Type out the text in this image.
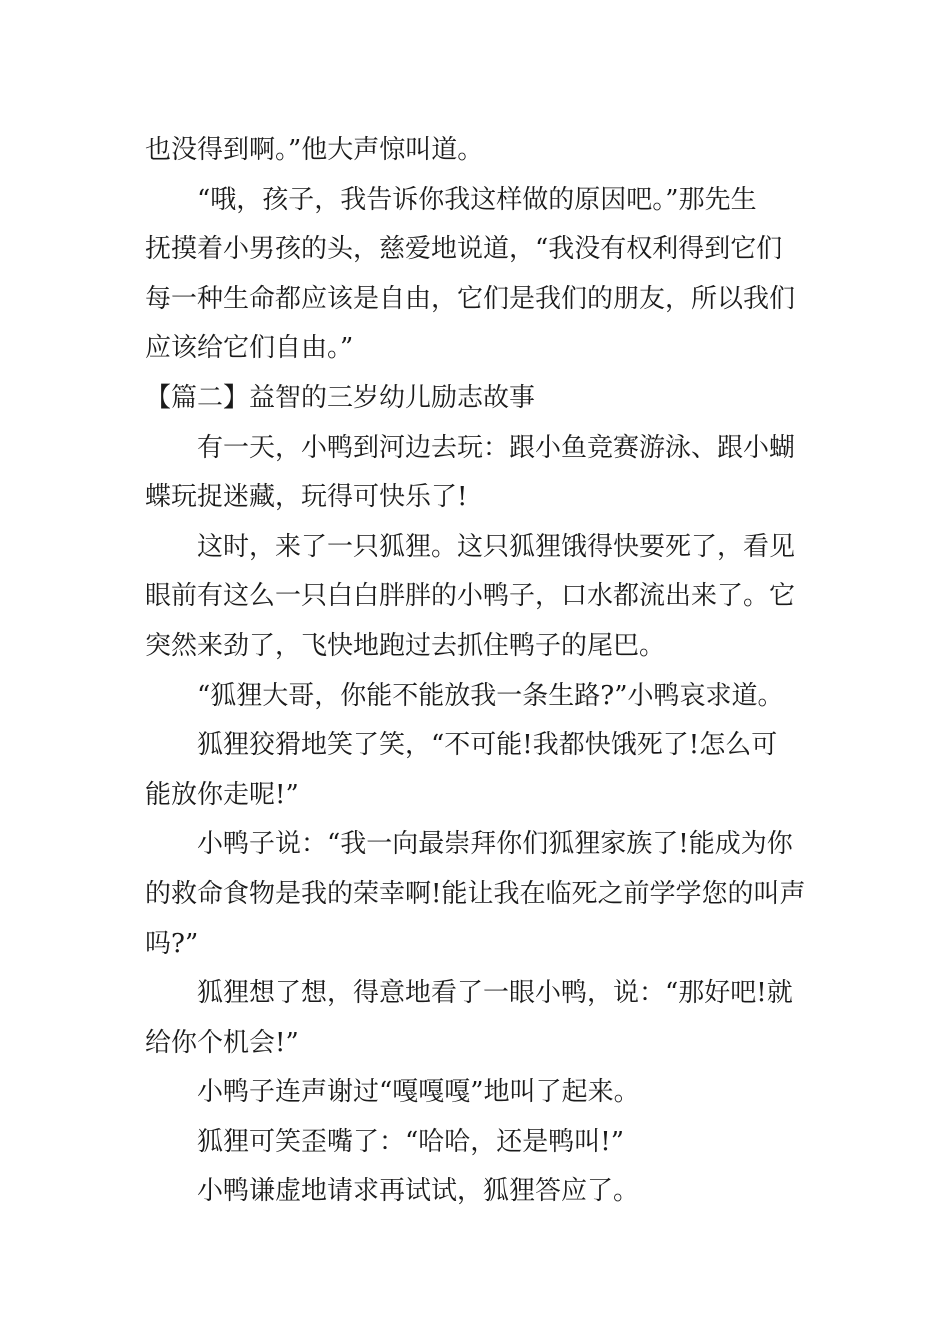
也没得到啊。”他大声惊叫道。
“哦，孩子，我告诉你我这样做的原因吧。”那先生
抚摸着小男孩的头，慈爱地说道，“我没有权利得到它们
每一种生命都应该是自由，它们是我们的朋友，所以我们
应该给它们自由。”
【篇二】益智的三岁幼儿励志故事
有一天，小鸭到河边去玩：跟小鱼竞赛游泳、跟小蝴
蝶玩捉迷藏，玩得可快乐了!
这时，来了一只狐狸。这只狐狸饿得快要死了，看见
眼前有这么一只白白胖胖的小鸭子，口水都流出来了。它
突然来劲了，飞快地跑过去抓住鸭子的尾巴。
“狐狸大哥，你能不能放我一条生路?”小鸭哀求道。
狐狸狡猾地笑了笑，“不可能!我都快饿死了!怎么可
能放你走呢!”
小鸭子说：“我一向最崇拜你们狐狸家族了!能成为你
的救命食物是我的荣幸啊!能让我在临死之前学学您的叫声
吗?”
狐狸想了想，得意地看了一眼小鸭，说：“那好吧!就
给你个机会!”
小鸭子连声谢过“嘎嘎嘎”地叫了起来。
狐狸可笑歪嘴了：“哈哈，还是鸭叫!”
小鸭谦虚地请求再试试，狐狸答应了。
